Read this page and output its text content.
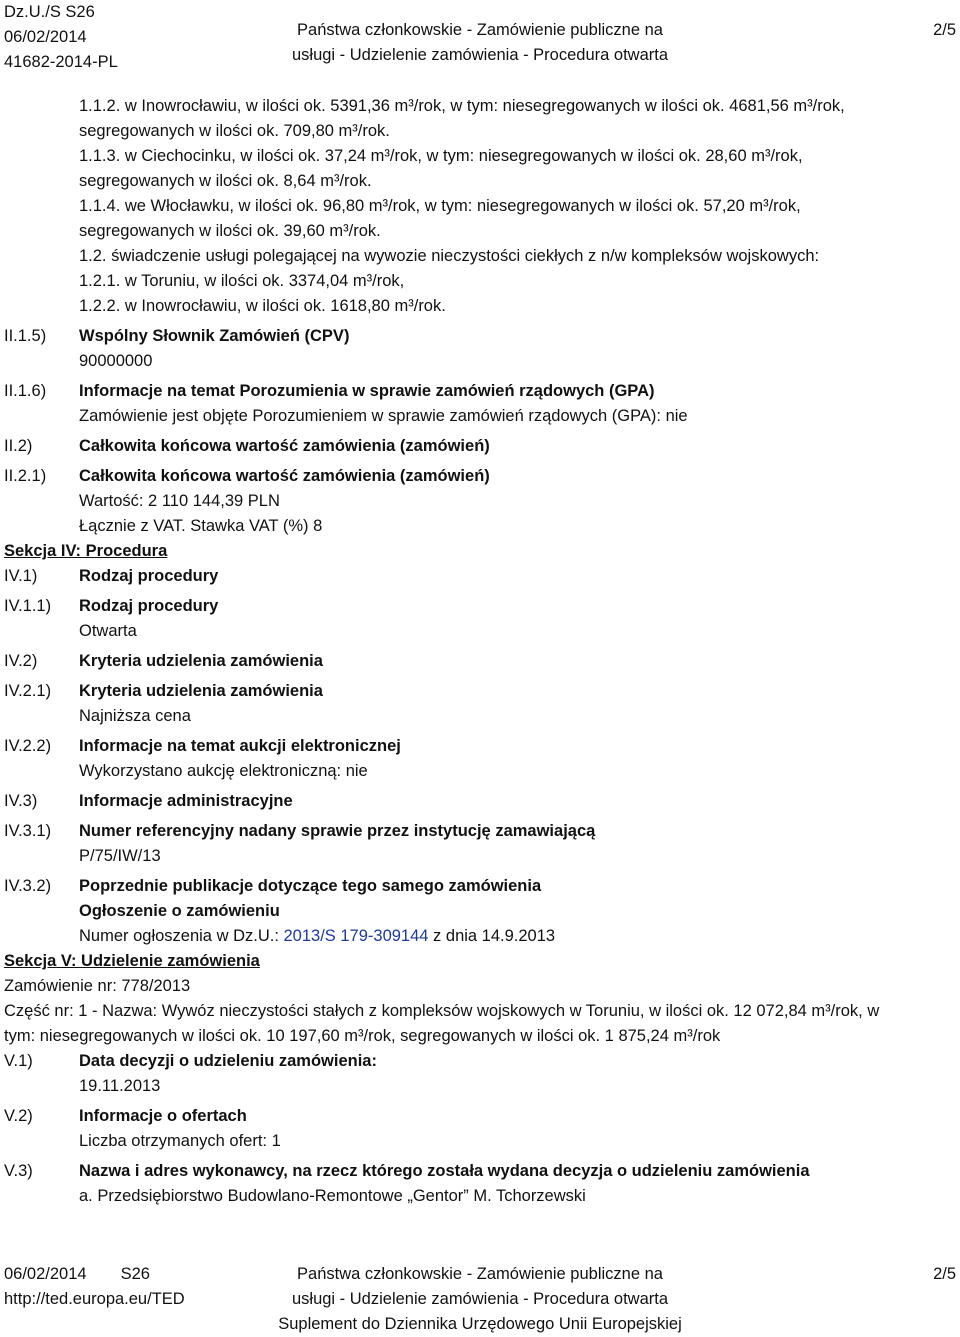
Dz.U./S S26
06/02/2014
41682-2014-PL
Państwa członkowskie - Zamówienie publiczne na
usługi - Udzielenie zamówienia - Procedura otwarta
2/5
1.1.2. w Inowrocławiu, w ilości ok. 5391,36 m³/rok, w tym: niesegregowanych w ilości ok. 4681,56 m³/rok,
segregowanych w ilości ok. 709,80 m³/rok.
1.1.3. w Ciechocinku, w ilości ok. 37,24 m³/rok, w tym: niesegregowanych w ilości ok. 28,60 m³/rok,
segregowanych w ilości ok. 8,64 m³/rok.
1.1.4. we Włocławku, w ilości ok. 96,80 m³/rok, w tym: niesegregowanych w ilości ok. 57,20 m³/rok,
segregowanych w ilości ok. 39,60 m³/rok.
1.2. świadczenie usługi polegającej na wywozie nieczystości ciekłych z n/w kompleksów wojskowych:
1.2.1. w Toruniu, w ilości ok. 3374,04 m³/rok,
1.2.2. w Inowrocławiu, w ilości ok. 1618,80 m³/rok.
II.1.5)	Wspólny Słownik Zamówień (CPV)
90000000
II.1.6)	Informacje na temat Porozumienia w sprawie zamówień rządowych (GPA)
Zamówienie jest objęte Porozumieniem w sprawie zamówień rządowych (GPA): nie
II.2)	Całkowita końcowa wartość zamówienia (zamówień)
II.2.1)	Całkowita końcowa wartość zamówienia (zamówień)
Wartość: 2 110 144,39 PLN
Łącznie z VAT. Stawka VAT (%) 8
Sekcja IV: Procedura
IV.1)	Rodzaj procedury
IV.1.1)	Rodzaj procedury
Otwarta
IV.2)	Kryteria udzielenia zamówienia
IV.2.1)	Kryteria udzielenia zamówienia
Najniższa cena
IV.2.2)	Informacje na temat aukcji elektronicznej
Wykorzystano aukcję elektroniczną: nie
IV.3)	Informacje administracyjne
IV.3.1)	Numer referencyjny nadany sprawie przez instytucję zamawiającą
P/75/IW/13
IV.3.2)	Poprzednie publikacje dotyczące tego samego zamówienia
Ogłoszenie o zamówieniu
Numer ogłoszenia w Dz.U.: 2013/S 179-309144 z dnia 14.9.2013
Sekcja V: Udzielenie zamówienia
Zamówienie nr: 778/2013
Część nr: 1 - Nazwa: Wywóz nieczystości stałych z kompleksów wojskowych w Toruniu, w ilości ok. 12 072,84 m³/rok, w
tym: niesegregowanych w ilości ok. 10 197,60 m³/rok, segregowanych w ilości ok. 1 875,24 m³/rok
V.1)	Data decyzji o udzieleniu zamówienia:
19.11.2013
V.2)	Informacje o ofertach
Liczba otrzymanych ofert: 1
V.3)	Nazwa i adres wykonawcy, na rzecz którego została wydana decyzja o udzieleniu zamówienia
a. Przedsiębiorstwo Budowlano-Remontowe „Gentor” M. Tchorzewski
06/02/2014 S26
http://ted.europa.eu/TED
Państwa członkowskie - Zamówienie publiczne na
usługi - Udzielenie zamówienia - Procedura otwarta
Suplement do Dziennika Urzędowego Unii Europejskiej
2/5
